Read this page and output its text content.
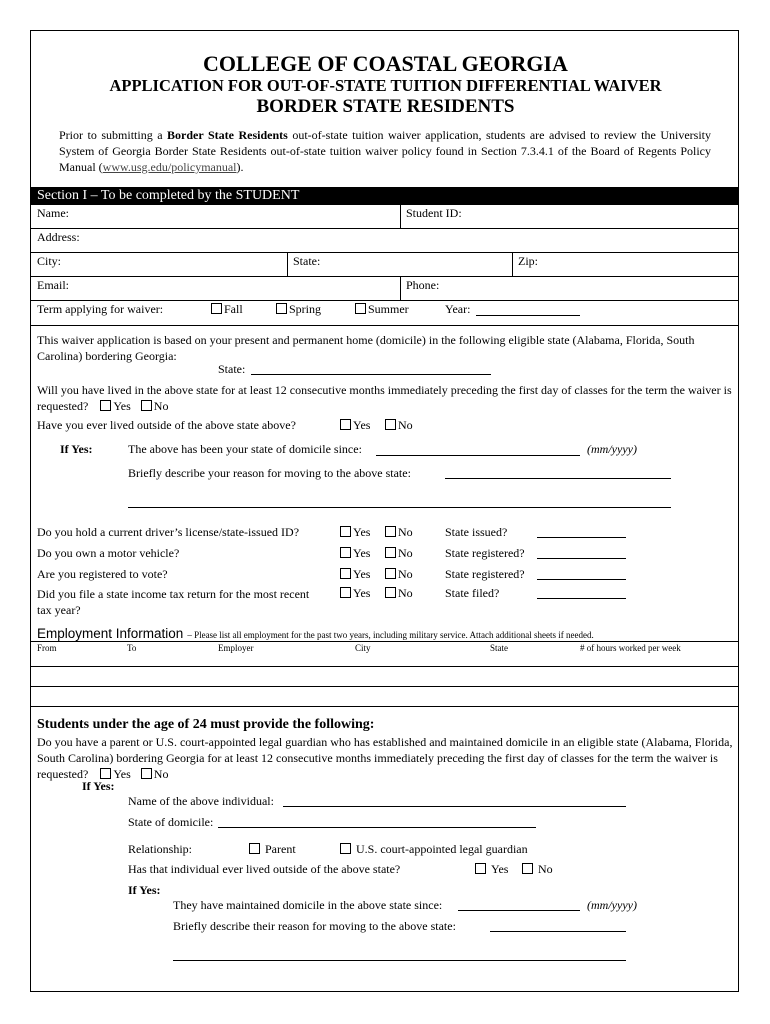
COLLEGE OF COASTAL GEORGIA
APPLICATION FOR OUT-OF-STATE TUITION DIFFERENTIAL WAIVER
BORDER STATE RESIDENTS
Prior to submitting a Border State Residents out-of-state tuition waiver application, students are advised to review the University System of Georgia Border State Residents out-of-state tuition waiver policy found in Section 7.3.4.1 of the Board of Regents Policy Manual (www.usg.edu/policymanual).
Section I – To be completed by the STUDENT
Name:	Student ID:
Address:
City:	State:	Zip:
Email:	Phone:
Term applying for waiver:	Fall	Spring	Summer	Year:
This waiver application is based on your present and permanent home (domicile) in the following eligible state (Alabama, Florida, South Carolina) bordering Georgia:
State:
Will you have lived in the above state for at least 12 consecutive months immediately preceding the first day of classes for the term the waiver is requested? Yes No
Have you ever lived outside of the above state above?	Yes	No
If Yes:	The above has been your state of domicile since:	(mm/yyyy)
Briefly describe your reason for moving to the above state:
Do you hold a current driver’s license/state-issued ID?	Yes	No	State issued?
Do you own a motor vehicle?	Yes	No	State registered?
Are you registered to vote?	Yes	No	State registered?
Did you file a state income tax return for the most recent tax year?
Yes	No	State filed?
Employment Information – Please list all employment for the past two years, including military service. Attach additional sheets if needed.
From	To	Employer	City	State	# of hours worked per week
Students under the age of 24 must provide the following:
Do you have a parent or U.S. court-appointed legal guardian who has established and maintained domicile in an eligible state (Alabama, Florida, South Carolina) bordering Georgia for at least 12 consecutive months immediately preceding the first day of classes for the term the waiver is requested? Yes No
If Yes:
Name of the above individual:
State of domicile:
Relationship:	Parent	U.S. court-appointed legal guardian
Has that individual ever lived outside of the above state?	Yes	No
If Yes:
They have maintained domicile in the above state since:	(mm/yyyy)
Briefly describe their reason for moving to the above state:
